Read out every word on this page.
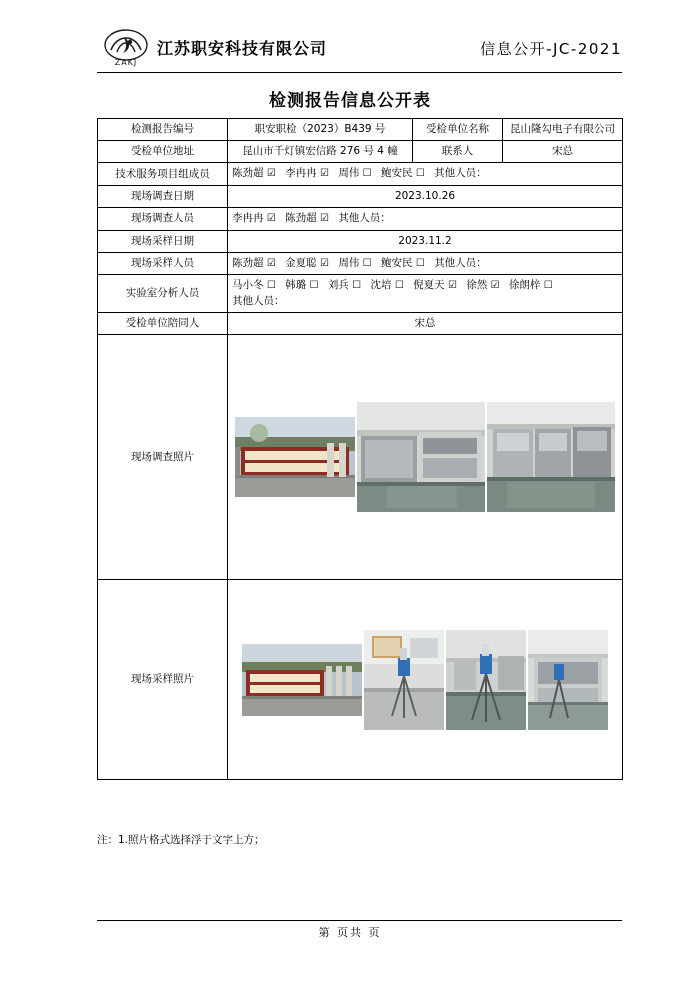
ZAKJ
江苏职安科技有限公司	信息公开-JC-2021
检测报告信息公开表
检测报告编号	职安职检（2023）B439 号	受检单位名称	昆山隆勾电子有限公司
受检单位地址	昆山市千灯镇宏信路 276 号 4 幢	联系人	宋总
技术服务项目组成员	陈劲超 ☑ 李冉冉 ☑ 周伟 ☐ 鲍安民 ☐ 其他人员：		
现场调查日期	2023.10.26		
现场调查人员	李冉冉 ☑ 陈劲超 ☑ 其他人员：		
现场采样日期	2023.11.2		
现场采样人员	陈劲超 ☑ 金夏聪 ☑ 周伟 ☐ 鲍安民 ☐ 其他人员：		
实验室分析人员	马小冬 ☐ 韩璐 ☐ 刘兵 ☐ 沈培 ☐ 倪夏天 ☑ 徐然 ☑ 徐朗梓 ☐
其他人员：		

受检单位陪同人	宋总		
现场调查照片	

现场采样照片	
注：1.照片格式选择浮于文字上方；
第 页共 页
